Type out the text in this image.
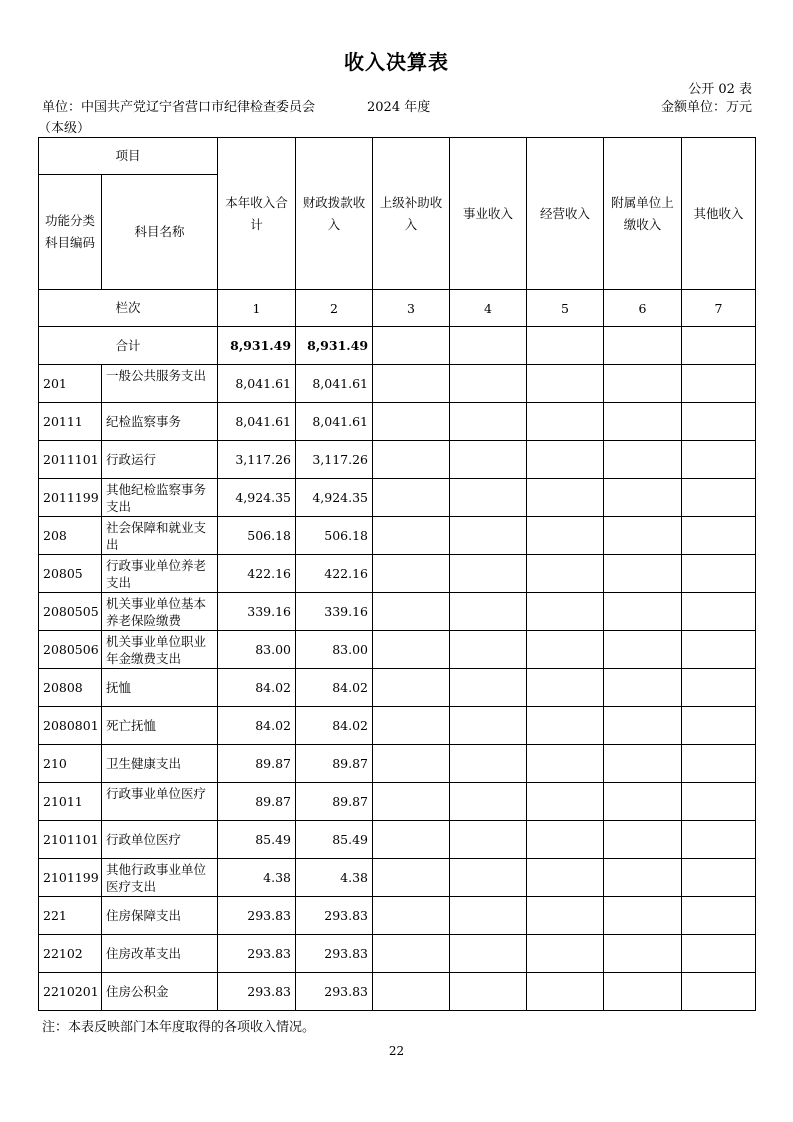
收入决算表
公开 02 表
单位：中国共产党辽宁省营口市纪律检查委员会	2024 年度	金额单位：万元
（本级）
项目		本年收入合计	财政拨款收入	上级补助收入	事业收入	经营收入	附属单位上缴收入	其他收入
功能分类科目编码	科目名称							
栏次		1	2	3	4	5	6	7
合计		8,931.49	8,931.49					
201	一般公共服务支出	8,041.61	8,041.61					
20111	纪检监察事务	8,041.61	8,041.61					
2011101	行政运行	3,117.26	3,117.26					
2011199	其他纪检监察事务支出	4,924.35	4,924.35					
208	社会保障和就业支出	506.18	506.18					
20805	行政事业单位养老支出	422.16	422.16					
2080505	机关事业单位基本养老保险缴费	339.16	339.16					
2080506	机关事业单位职业年金缴费支出	83.00	83.00					
20808	抚恤	84.02	84.02					
2080801	死亡抚恤	84.02	84.02					
210	卫生健康支出	89.87	89.87					
21011	行政事业单位医疗	89.87	89.87					
2101101	行政单位医疗	85.49	85.49					
2101199	其他行政事业单位医疗支出	4.38	4.38					
221	住房保障支出	293.83	293.83					
22102	住房改革支出	293.83	293.83					
2210201	住房公积金	293.83	293.83					
注：本表反映部门本年度取得的各项收入情况。
22
